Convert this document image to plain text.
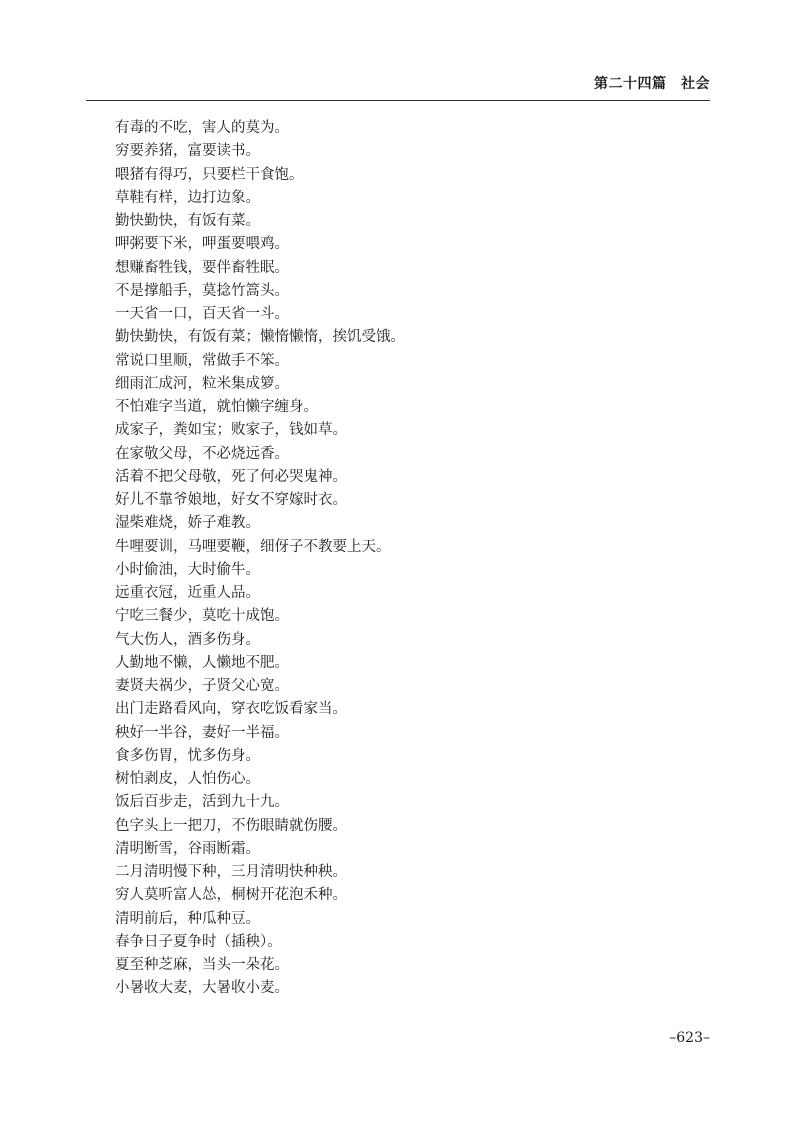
第二十四篇　社会
有毒的不吃，害人的莫为。
穷要养猪，富要读书。
喂猪有得巧，只要栏干食饱。
草鞋有样，边打边象。
勤快勤快，有饭有菜。
呷粥要下米，呷蛋要喂鸡。
想赚畜牲钱，要伴畜牲眠。
不是撑船手，莫捻竹篙头。
一天省一口，百天省一斗。
勤快勤快，有饭有菜；懒惰懒惰，挨饥受饿。
常说口里顺，常做手不笨。
细雨汇成河，粒米集成箩。
不怕难字当道，就怕懒字缠身。
成家子，粪如宝；败家子，钱如草。
在家敬父母，不必烧远香。
活着不把父母敬，死了何必哭鬼神。
好儿不靠爷娘地，好女不穿嫁时衣。
湿柴难烧，娇子难教。
牛哩要训，马哩要鞭，细伢子不教要上天。
小时偷油，大时偷牛。
远重衣冠，近重人品。
宁吃三餐少，莫吃十成饱。
气大伤人，酒多伤身。
人勤地不懒，人懒地不肥。
妻贤夫祸少，子贤父心宽。
出门走路看风向，穿衣吃饭看家当。
秧好一半谷，妻好一半福。
食多伤胃，忧多伤身。
树怕剥皮，人怕伤心。
饭后百步走，活到九十九。
色字头上一把刀，不伤眼睛就伤腰。
清明断雪，谷雨断霜。
二月清明慢下种，三月清明快种秧。
穷人莫听富人怂，桐树开花泡禾种。
清明前后，种瓜种豆。
春争日子夏争时（插秧）。
夏至种芝麻，当头一朵花。
小暑收大麦，大暑收小麦。
–623–
